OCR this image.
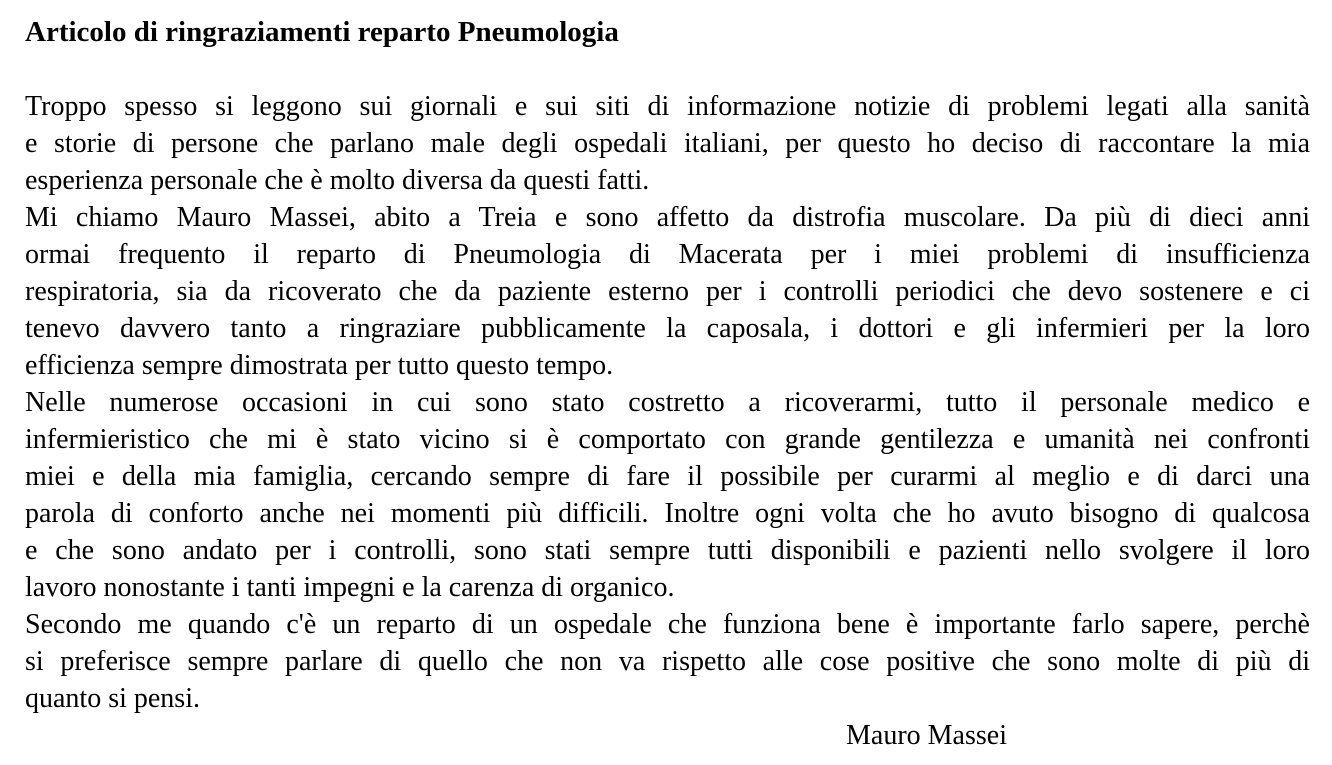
Articolo di ringraziamenti reparto Pneumologia
Troppo spesso si leggono sui giornali e sui siti di informazione notizie di problemi legati alla sanità
e storie di persone che parlano male degli ospedali italiani, per questo ho deciso di raccontare la mia
esperienza personale che è molto diversa da questi fatti.
Mi chiamo Mauro Massei, abito a Treia e sono affetto da distrofia muscolare. Da più di dieci anni
ormai frequento il reparto di Pneumologia di Macerata per i miei problemi di insufficienza
respiratoria, sia da ricoverato che da paziente esterno per i controlli periodici che devo sostenere e ci
tenevo davvero tanto a ringraziare pubblicamente la caposala, i dottori e gli infermieri per la loro
efficienza sempre dimostrata per tutto questo tempo.
Nelle numerose occasioni in cui sono stato costretto a ricoverarmi, tutto il personale medico e
infermieristico che mi è stato vicino si è comportato con grande gentilezza e umanità nei confronti
miei e della mia famiglia, cercando sempre di fare il possibile per curarmi al meglio e di darci una
parola di conforto anche nei momenti più difficili. Inoltre ogni volta che ho avuto bisogno di qualcosa
e che sono andato per i controlli, sono stati sempre tutti disponibili e pazienti nello svolgere il loro
lavoro nonostante i tanti impegni e la carenza di organico.
Secondo me quando c'è un reparto di un ospedale che funziona bene è importante farlo sapere, perchè
si preferisce sempre parlare di quello che non va rispetto alle cose positive che sono molte di più di
quanto si pensi.
Mauro Massei
